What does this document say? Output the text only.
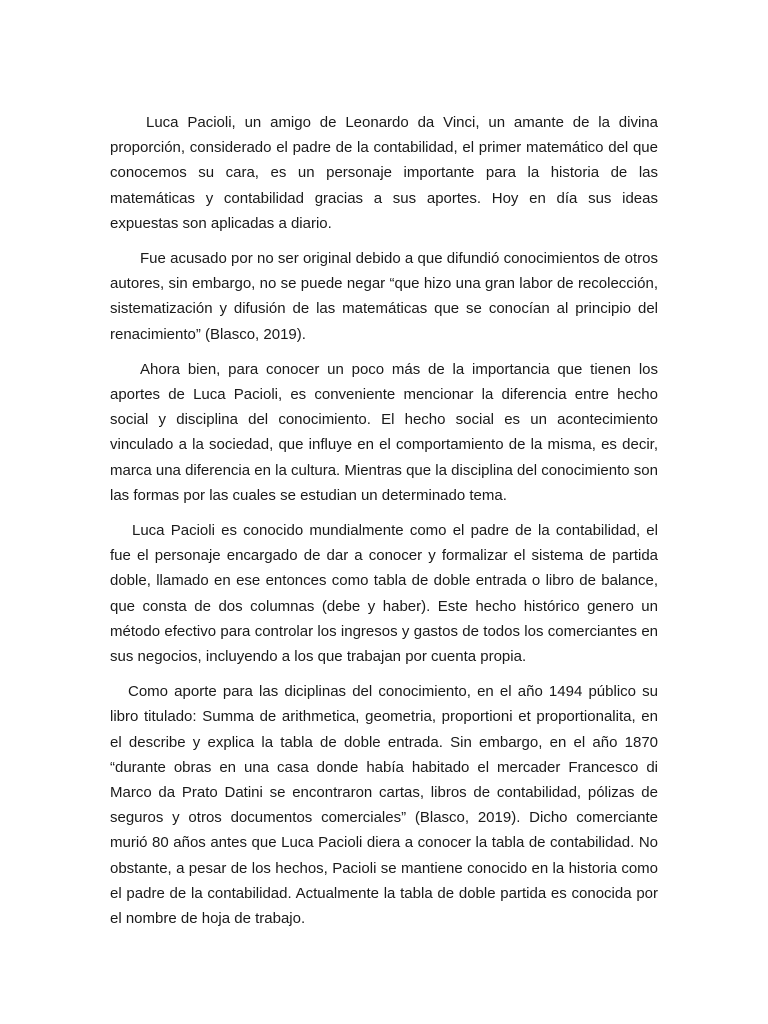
Luca Pacioli, un amigo de Leonardo da Vinci, un amante de la divina proporción, considerado el padre de la contabilidad, el primer matemático del que conocemos su cara, es un personaje importante para la historia de las matemáticas y contabilidad gracias a sus aportes. Hoy en día sus ideas expuestas son aplicadas a diario.

Fue acusado por no ser original debido a que difundió conocimientos de otros autores, sin embargo, no se puede negar “que hizo una gran labor de recolección, sistematización y difusión de las matemáticas que se conocían al principio del renacimiento” (Blasco, 2019).

Ahora bien, para conocer un poco más de la importancia que tienen los aportes de Luca Pacioli, es conveniente mencionar la diferencia entre hecho social y disciplina del conocimiento. El hecho social es un acontecimiento vinculado a la sociedad, que influye en el comportamiento de la misma, es decir, marca una diferencia en la cultura. Mientras que la disciplina del conocimiento son las formas por las cuales se estudian un determinado tema.

Luca Pacioli es conocido mundialmente como el padre de la contabilidad, el fue el personaje encargado de dar a conocer y formalizar el sistema de partida doble, llamado en ese entonces como tabla de doble entrada o libro de balance, que consta de dos columnas (debe y haber). Este hecho histórico genero un método efectivo para controlar los ingresos y gastos de todos los comerciantes en sus negocios, incluyendo a los que trabajan por cuenta propia.

Como aporte para las diciplinas del conocimiento, en el año 1494 público su libro titulado: Summa de arithmetica, geometria, proportioni et proportionalita, en el describe y explica la tabla de doble entrada. Sin embargo, en el año 1870 “durante obras en una casa donde había habitado el mercader Francesco di Marco da Prato Datini se encontraron cartas, libros de contabilidad, pólizas de seguros y otros documentos comerciales” (Blasco, 2019). Dicho comerciante murió 80 años antes que Luca Pacioli diera a conocer la tabla de contabilidad. No obstante, a pesar de los hechos, Pacioli se mantiene conocido en la historia como el padre de la contabilidad. Actualmente la tabla de doble partida es conocida por el nombre de hoja de trabajo.
